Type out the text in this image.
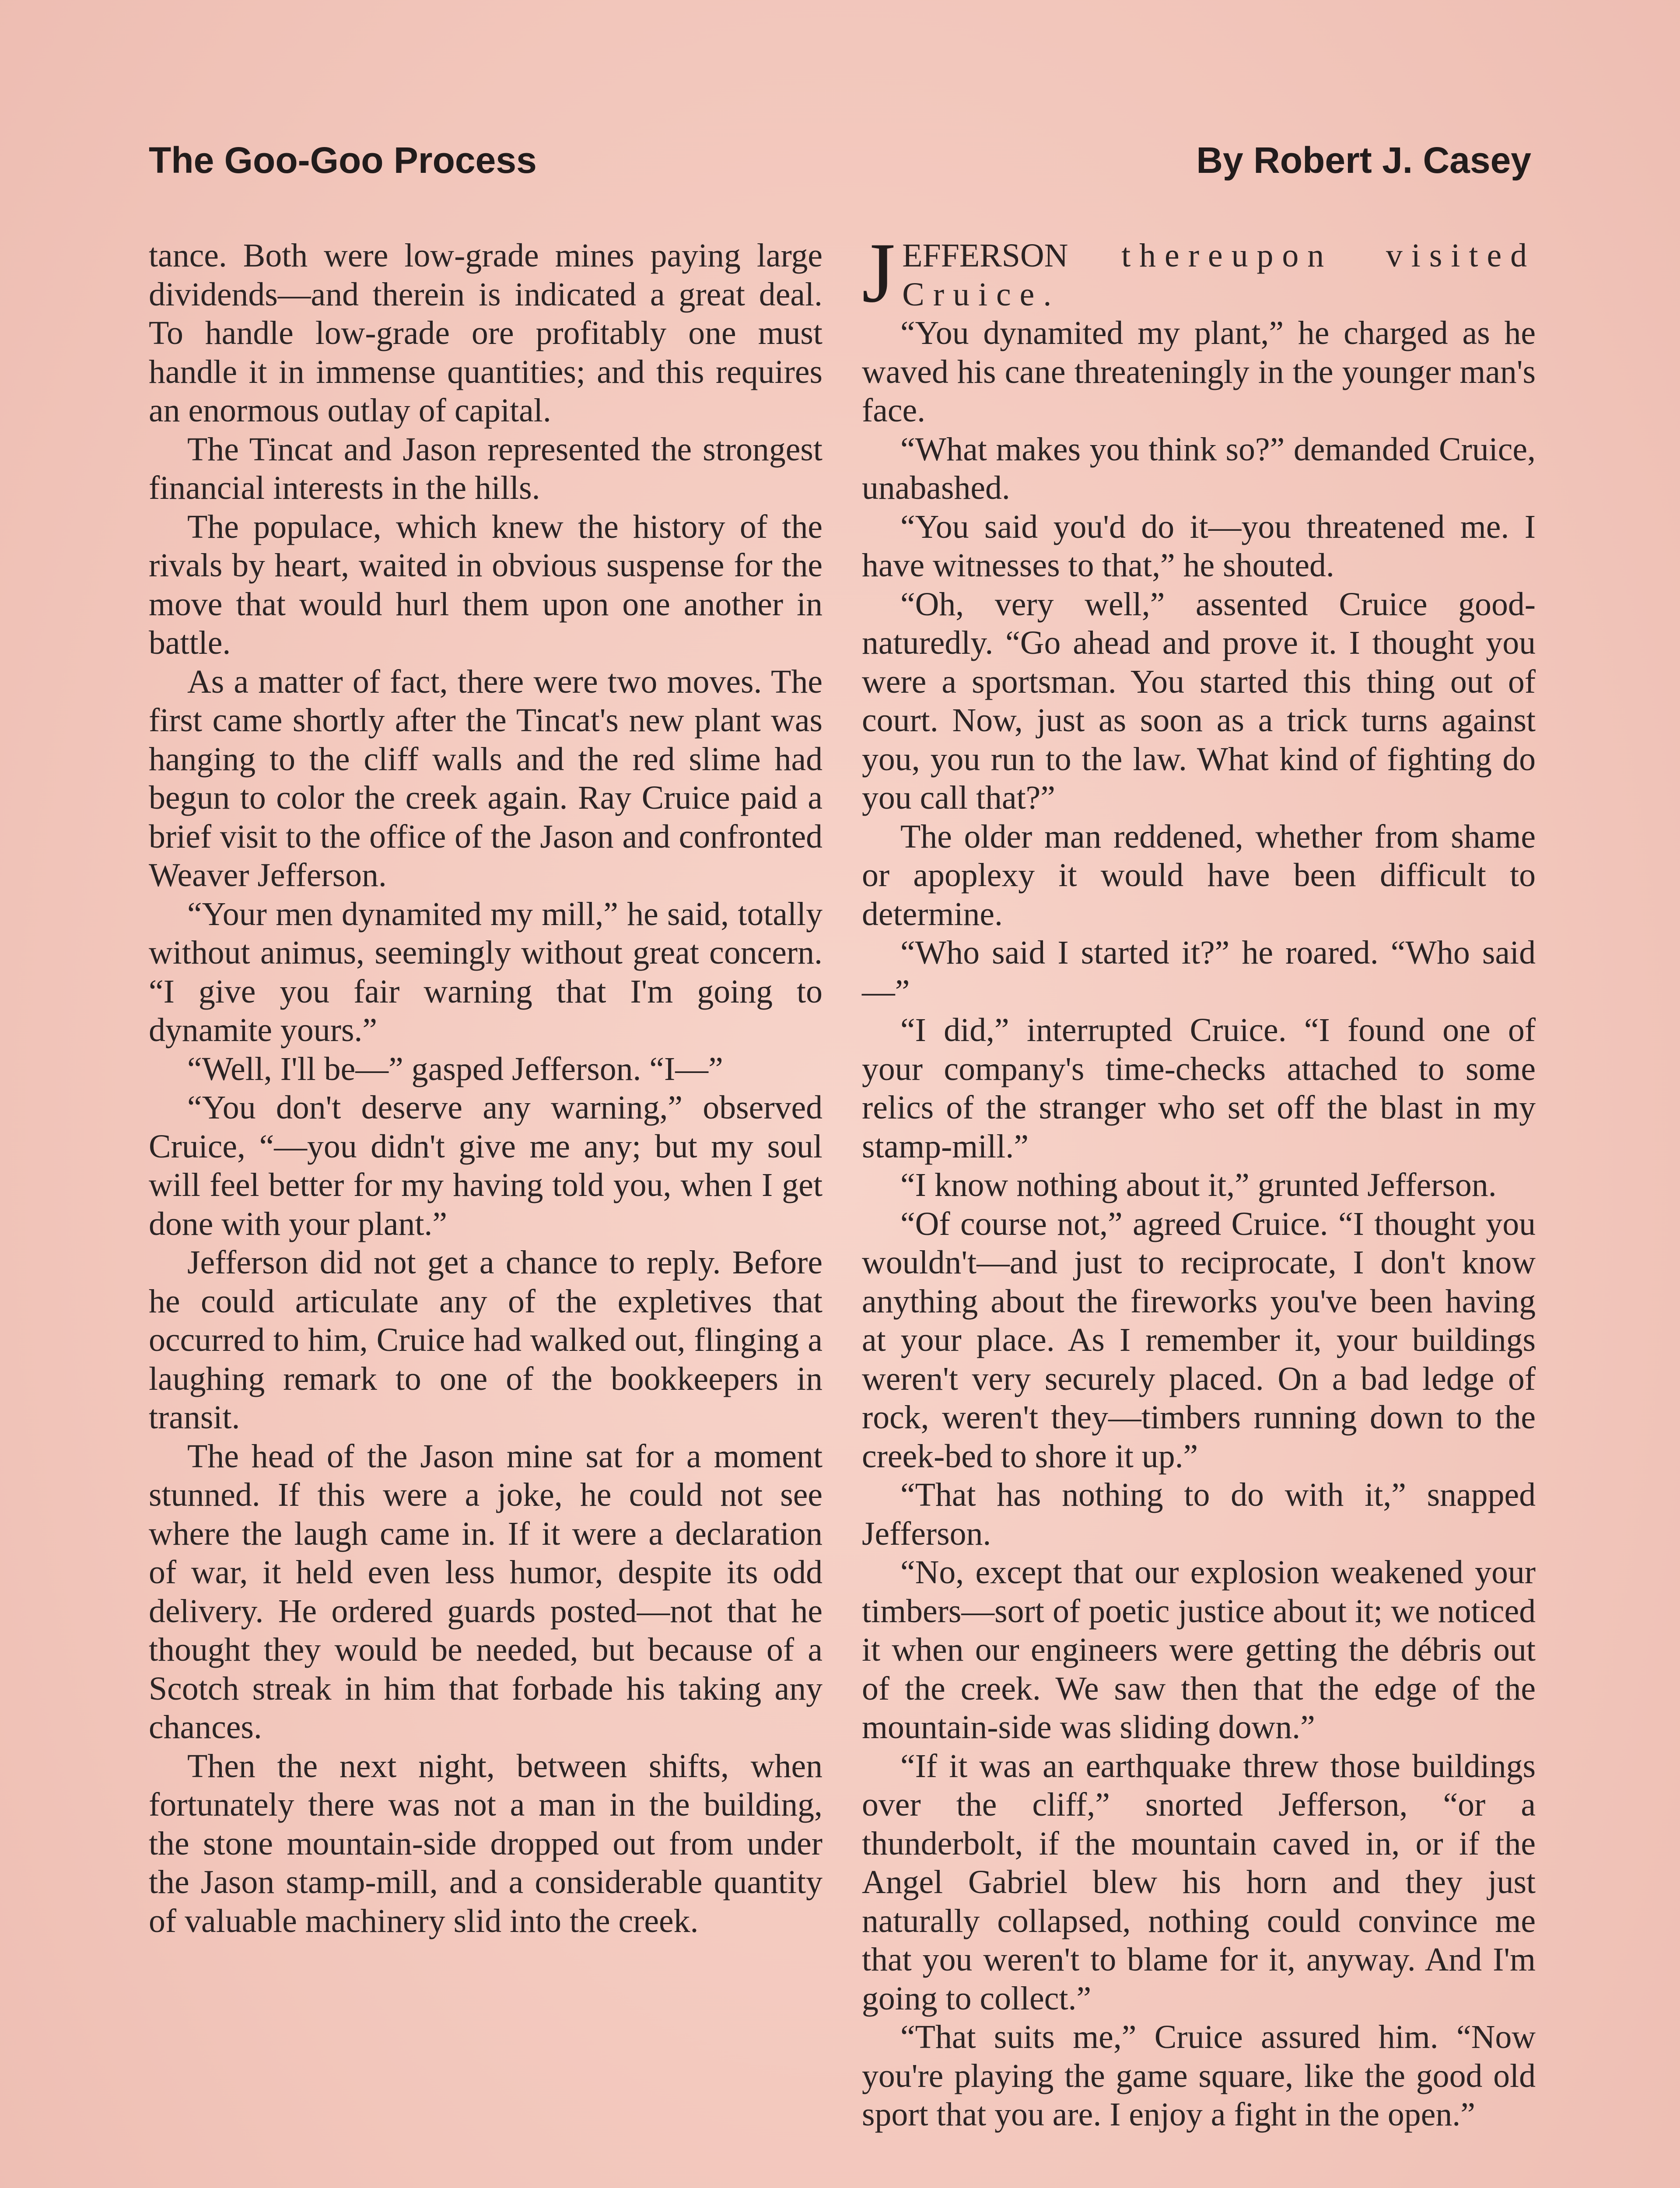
The Goo-Goo Process	By Robert J. Casey

tance. Both were low-grade mines paying large dividends—and therein is indicated a great deal. To handle low-grade ore profitably one must handle it in immense quantities; and this requires an enormous outlay of capital.

The Tincat and Jason represented the strongest financial interests in the hills.

The populace, which knew the history of the rivals by heart, waited in obvious suspense for the move that would hurl them upon one another in battle.

As a matter of fact, there were two moves. The first came shortly after the Tincat's new plant was hanging to the cliff walls and the red slime had begun to color the creek again. Ray Cruice paid a brief visit to the office of the Jason and confronted Weaver Jefferson.

“Your men dynamited my mill,” he said, totally without animus, seemingly without great concern. “I give you fair warning that I'm going to dynamite yours.”

“Well, I'll be—” gasped Jefferson. “I—”

“You don't deserve any warning,” observed Cruice, “—you didn't give me any; but my soul will feel better for my having told you, when I get done with your plant.”

Jefferson did not get a chance to reply. Before he could articulate any of the expletives that occurred to him, Cruice had walked out, flinging a laughing remark to one of the bookkeepers in transit.

The head of the Jason mine sat for a moment stunned. If this were a joke, he could not see where the laugh came in. If it were a declaration of war, it held even less humor, despite its odd delivery. He ordered guards posted—not that he thought they would be needed, but because of a Scotch streak in him that forbade his taking any chances.

Then the next night, between shifts, when fortunately there was not a man in the building, the stone mountain-side dropped out from under the Jason stamp-mill, and a considerable quantity of valuable machinery slid into the creek.

JEFFERSON thereupon visited Cruice.

“You dynamited my plant,” he charged as he waved his cane threateningly in the younger man's face.

“What makes you think so?” demanded Cruice, unabashed.

“You said you'd do it—you threatened me. I have witnesses to that,” he shouted.

“Oh, very well,” assented Cruice good-naturedly. “Go ahead and prove it. I thought you were a sportsman. You started this thing out of court. Now, just as soon as a trick turns against you, you run to the law. What kind of fighting do you call that?”

The older man reddened, whether from shame or apoplexy it would have been difficult to determine.

“Who said I started it?” he roared. “Who said—”

“I did,” interrupted Cruice. “I found one of your company's time-checks attached to some relics of the stranger who set off the blast in my stamp-mill.”

“I know nothing about it,” grunted Jefferson.

“Of course not,” agreed Cruice. “I thought you wouldn't—and just to reciprocate, I don't know anything about the fireworks you've been having at your place. As I remember it, your buildings weren't very securely placed. On a bad ledge of rock, weren't they—timbers running down to the creek-bed to shore it up.”

“That has nothing to do with it,” snapped Jefferson.

“No, except that our explosion weakened your timbers—sort of poetic justice about it; we noticed it when our engineers were getting the débris out of the creek. We saw then that the edge of the mountain-side was sliding down.”

“If it was an earthquake threw those buildings over the cliff,” snorted Jefferson, “or a thunderbolt, if the mountain caved in, or if the Angel Gabriel blew his horn and they just naturally collapsed, nothing could convince me that you weren't to blame for it, anyway. And I'm going to collect.”

“That suits me,” Cruice assured him. “Now you're playing the game square, like the good old sport that you are. I enjoy a fight in the open.”
